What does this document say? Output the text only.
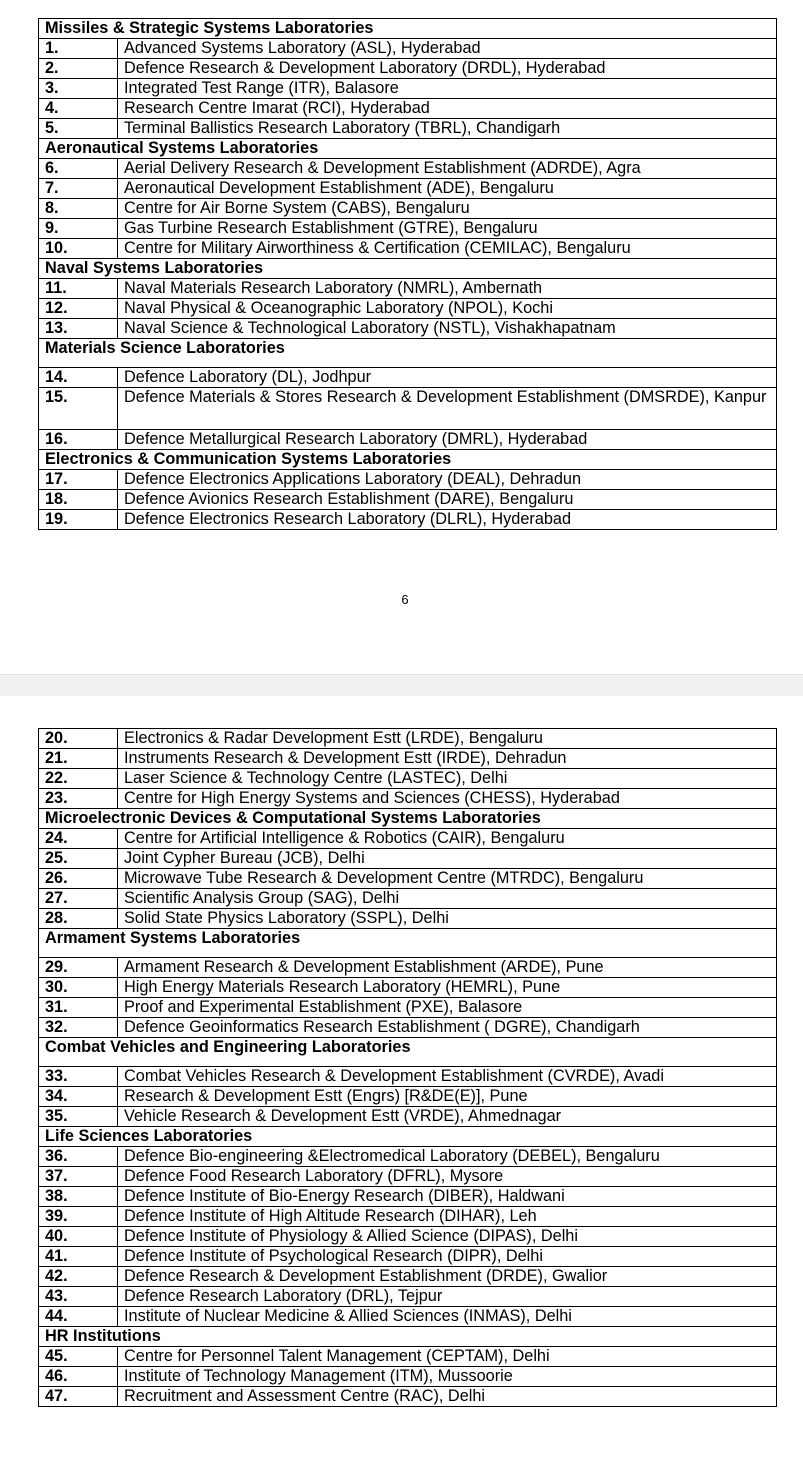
Missiles & Strategic Systems Laboratories	
1.	Advanced Systems Laboratory (ASL), Hyderabad
2.	Defence Research & Development Laboratory (DRDL), Hyderabad
3.	Integrated Test Range (ITR), Balasore
4.	Research Centre Imarat (RCI), Hyderabad
5.	Terminal Ballistics Research Laboratory (TBRL), Chandigarh
Aeronautical Systems Laboratories	
6.	Aerial Delivery Research & Development Establishment (ADRDE), Agra
7.	Aeronautical Development Establishment (ADE), Bengaluru
8.	Centre for Air Borne System (CABS), Bengaluru
9.	Gas Turbine Research Establishment (GTRE), Bengaluru
10.	Centre for Military Airworthiness & Certification (CEMILAC), Bengaluru
Naval Systems Laboratories	
11.	Naval Materials Research Laboratory (NMRL), Ambernath
12.	Naval Physical & Oceanographic Laboratory (NPOL), Kochi
13.	Naval Science & Technological Laboratory (NSTL), Vishakhapatnam
Materials Science Laboratories	
14.	Defence Laboratory (DL), Jodhpur
15.	Defence Materials & Stores Research & Development Establishment (DMSRDE), Kanpur
16.	Defence Metallurgical Research Laboratory (DMRL), Hyderabad
Electronics & Communication Systems Laboratories	
17.	Defence Electronics Applications Laboratory (DEAL), Dehradun
18.	Defence Avionics Research Establishment (DARE), Bengaluru
19.	Defence Electronics Research Laboratory (DLRL), Hyderabad
6
20.	Electronics & Radar Development Estt (LRDE), Bengaluru
21.	Instruments Research & Development Estt (IRDE), Dehradun
22.	Laser Science & Technology Centre (LASTEC), Delhi
23.	Centre for High Energy Systems and Sciences (CHESS), Hyderabad
Microelectronic Devices & Computational Systems Laboratories	
24.	Centre for Artificial Intelligence & Robotics (CAIR), Bengaluru
25.	Joint Cypher Bureau (JCB), Delhi
26.	Microwave Tube Research & Development Centre (MTRDC), Bengaluru
27.	Scientific Analysis Group (SAG), Delhi
28.	Solid State Physics Laboratory (SSPL), Delhi
Armament Systems Laboratories	
29.	Armament Research & Development Establishment (ARDE), Pune
30.	High Energy Materials Research Laboratory (HEMRL), Pune
31.	Proof and Experimental Establishment (PXE), Balasore
32.	Defence Geoinformatics Research Establishment ( DGRE), Chandigarh
Combat Vehicles and Engineering Laboratories	
33.	Combat Vehicles Research & Development Establishment (CVRDE), Avadi
34.	Research & Development Estt (Engrs) [R&DE(E)], Pune
35.	Vehicle Research & Development Estt (VRDE), Ahmednagar
Life Sciences Laboratories	
36.	Defence Bio-engineering &Electromedical Laboratory (DEBEL), Bengaluru
37.	Defence Food Research Laboratory (DFRL), Mysore
38.	Defence Institute of Bio-Energy Research (DIBER), Haldwani
39.	Defence Institute of High Altitude Research (DIHAR), Leh
40.	Defence Institute of Physiology & Allied Science (DIPAS), Delhi
41.	Defence Institute of Psychological Research (DIPR), Delhi
42.	Defence Research & Development Establishment (DRDE), Gwalior
43.	Defence Research Laboratory (DRL), Tejpur
44.	Institute of Nuclear Medicine & Allied Sciences (INMAS), Delhi
HR Institutions	
45.	Centre for Personnel Talent Management (CEPTAM), Delhi
46.	Institute of Technology Management (ITM), Mussoorie
47.	Recruitment and Assessment Centre (RAC), Delhi
